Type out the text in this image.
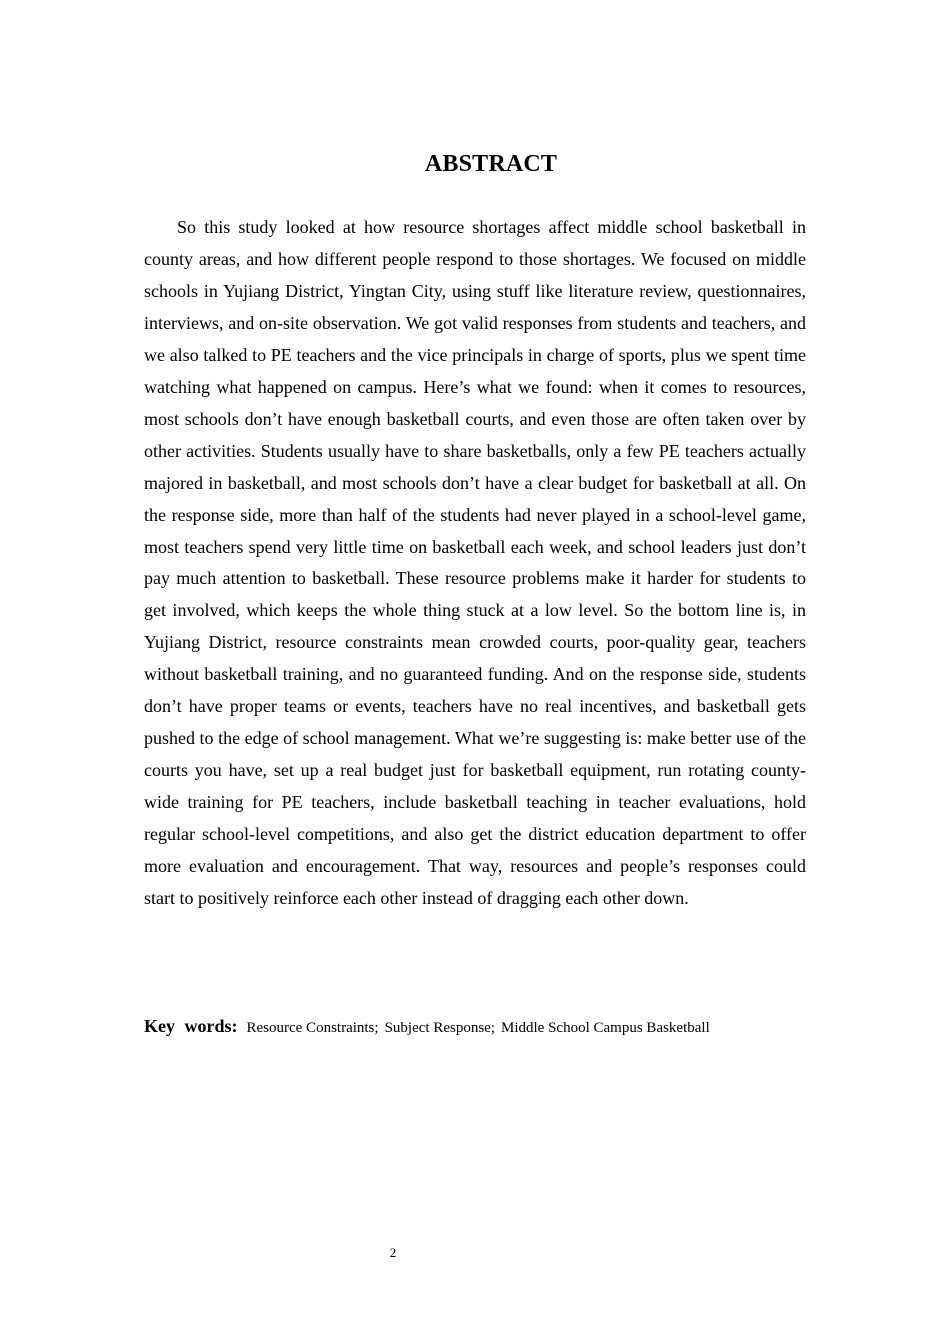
ABSTRACT

So this study looked at how resource shortages affect middle school basketball in county areas, and how different people respond to those shortages. We focused on middle schools in Yujiang District, Yingtan City, using stuff like literature review, questionnaires, interviews, and on-site observation. We got valid responses from students and teachers, and we also talked to PE teachers and the vice principals in charge of sports, plus we spent time watching what happened on campus. Here’s what we found: when it comes to resources, most schools don’t have enough basketball courts, and even those are often taken over by other activities. Students usually have to share basketballs, only a few PE teachers actually majored in basketball, and most schools don’t have a clear budget for basketball at all. On the response side, more than half of the students had never played in a school-level game, most teachers spend very little time on basketball each week, and school leaders just don’t pay much attention to basketball. These resource problems make it harder for students to get involved, which keeps the whole thing stuck at a low level. So the bottom line is, in Yujiang District, resource constraints mean crowded courts, poor-quality gear, teachers without basketball training, and no guaranteed funding. And on the response side, students don’t have proper teams or events, teachers have no real incentives, and basketball gets pushed to the edge of school management. What we’re suggesting is: make better use of the courts you have, set up a real budget just for basketball equipment, run rotating county-wide training for PE teachers, include basketball teaching in teacher evaluations, hold regular school-level competitions, and also get the district education department to offer more evaluation and encouragement. That way, resources and people’s responses could start to positively reinforce each other instead of dragging each other down.

Key words: Resource Constraints; Subject Response; Middle School Campus Basketball
2
